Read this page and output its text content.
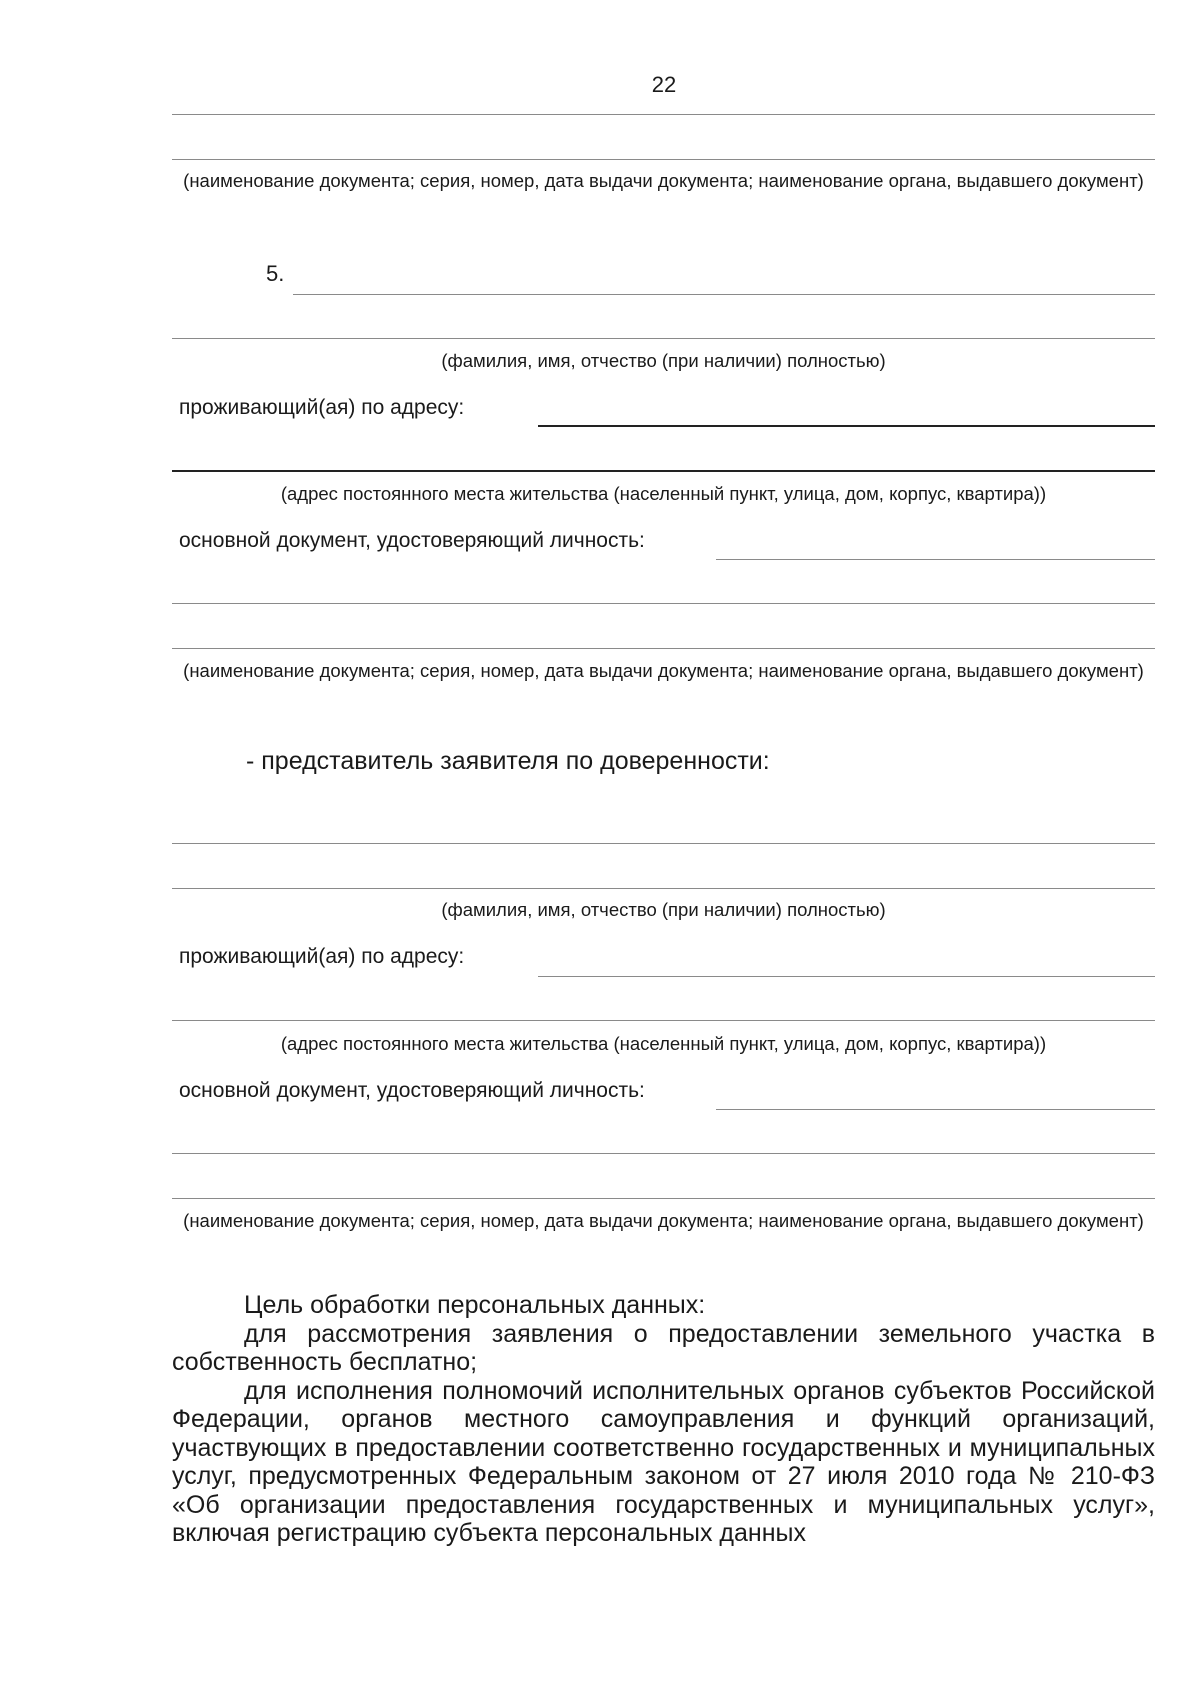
22
(наименование документа; серия, номер, дата выдачи документа; наименование органа, выдавшего документ)
5.
(фамилия, имя, отчество (при наличии) полностью)
проживающий(ая) по адресу:
(адрес постоянного места жительства (населенный пункт, улица, дом, корпус, квартира))
основной документ, удостоверяющий личность:
(наименование документа; серия, номер, дата выдачи документа; наименование органа, выдавшего документ)
- представитель заявителя по доверенности:
(фамилия, имя, отчество (при наличии) полностью)
проживающий(ая) по адресу:
(адрес постоянного места жительства (населенный пункт, улица, дом, корпус, квартира))
основной документ, удостоверяющий личность:
(наименование документа; серия, номер, дата выдачи документа; наименование органа, выдавшего документ)

Цель обработки персональных данных:

для рассмотрения заявления о предоставлении земельного участка в собственность бесплатно;

для исполнения полномочий исполнительных органов субъектов Российской Федерации, органов местного самоуправления и функций организаций, участвующих в предоставлении соответственно государственных и муниципальных услуг, предусмотренных Федеральным законом от 27 июля 2010 года № 210-ФЗ «Об организации предоставления государственных и муниципальных услуг», включая регистрацию субъекта персональных данных
